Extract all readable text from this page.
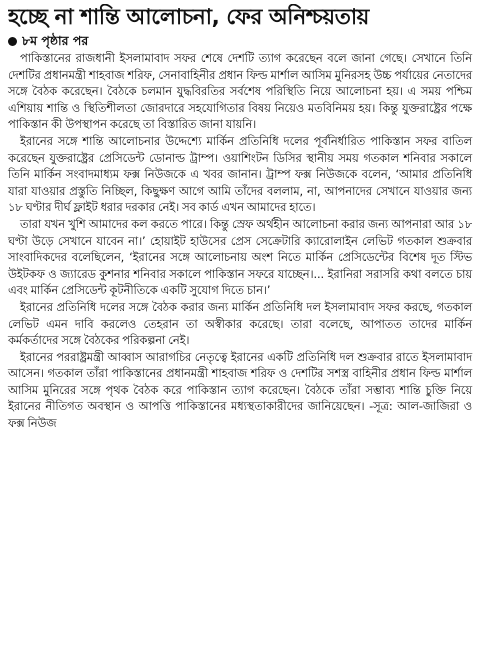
হচ্ছে না শান্তি আলোচনা, ফের অনিশ্চয়তায়
৮ম পৃষ্ঠার পর

পাকিস্তানের রাজধানী ইসলামাবাদ সফর শেষে দেশটি ত্যাগ করেছেন বলে জানা গেছে। সেখানে তিনি দেশটির প্রধানমন্ত্রী শাহবাজ শরিফ, সেনাবাহিনীর প্রধান ফিল্ড মার্শাল আসিম মুনিরসহ উচ্চ পর্যায়ের নেতাদের সঙ্গে বৈঠক করেছেন। বৈঠকে চলমান যুদ্ধবিরতির সর্বশেষ পরিস্থিতি নিয়ে আলোচনা হয়। এ সময় পশ্চিম এশিয়ায় শান্তি ও স্থিতিশীলতা জোরদারে সহযোগিতার বিষয় নিয়েও মতবিনিময় হয়। কিন্তু যুক্তরাষ্ট্রের পক্ষে পাকিস্তান কী উপস্থাপন করেছে তা বিস্তারিত জানা যায়নি।

ইরানের সঙ্গে শান্তি আলোচনার উদ্দেশ্যে মার্কিন প্রতিনিধি দলের পূর্বনির্ধারিত পাকিস্তান সফর বাতিল করেছেন যুক্তরাষ্ট্রের প্রেসিডেন্ট ডোনাল্ড ট্রাম্প। ওয়াশিংটন ডিসির স্থানীয় সময় গতকাল শনিবার সকালে তিনি মার্কিন সংবাদমাধ্যম ফক্স নিউজকে এ খবর জানান। ট্রাম্প ফক্স নিউজকে বলেন, ‘আমার প্রতিনিধি যারা যাওয়ার প্রস্তুতি নিচ্ছিল, কিছুক্ষণ আগে আমি তাঁদের বললাম, না, আপনাদের সেখানে যাওয়ার জন্য ১৮ ঘণ্টার দীর্ঘ ফ্লাইট ধরার দরকার নেই। সব কার্ড এখন আমাদের হাতে।

তারা যখন খুশি আমাদের কল করতে পারে। কিন্তু স্রেফ অর্থহীন আলোচনা করার জন্য আপনারা আর ১৮ ঘণ্টা উড়ে সেখানে যাবেন না।’ হোয়াইট হাউসের প্রেস সেক্রেটারি ক্যারোলাইন লেভিট গতকাল শুক্রবার সাংবাদিকদের বলেছিলেন, ‘ইরানের সঙ্গে আলোচনায় অংশ নিতে মার্কিন প্রেসিডেন্টের বিশেষ দূত স্টিভ উইটকফ ও জ্যারেড কুশনার শনিবার সকালে পাকিস্তান সফরে যাচ্ছেন।... ইরানিরা সরাসরি কথা বলতে চায় এবং মার্কিন প্রেসিডেন্ট কূটনীতিকে একটি সুযোগ দিতে চান।’

ইরানের প্রতিনিধি দলের সঙ্গে বৈঠক করার জন্য মার্কিন প্রতিনিধি দল ইসলামাবাদ সফর করছে, গতকাল লেভিট এমন দাবি করলেও তেহরান তা অস্বীকার করেছে। তারা বলেছে, আপাতত তাদের মার্কিন কর্মকর্তাদের সঙ্গে বৈঠকের পরিকল্পনা নেই।

ইরানের পররাষ্ট্রমন্ত্রী আব্বাস আরাগচির নেতৃত্বে ইরানের একটি প্রতিনিধি দল শুক্রবার রাতে ইসলামাবাদ আসেন। গতকাল তাঁরা পাকিস্তানের প্রধানমন্ত্রী শাহবাজ শরিফ ও দেশটির সশস্ত্র বাহিনীর প্রধান ফিল্ড মার্শাল আসিম মুনিরের সঙ্গে পৃথক বৈঠক করে পাকিস্তান ত্যাগ করেছেন। বৈঠকে তাঁরা সম্ভাব্য শান্তি চুক্তি নিয়ে ইরানের নীতিগত অবস্থান ও আপত্তি পাকিস্তানের মধ্যস্থতাকারীদের জানিয়েছেন। -সূত্র: আল-জাজিরা ও ফক্স নিউজ
